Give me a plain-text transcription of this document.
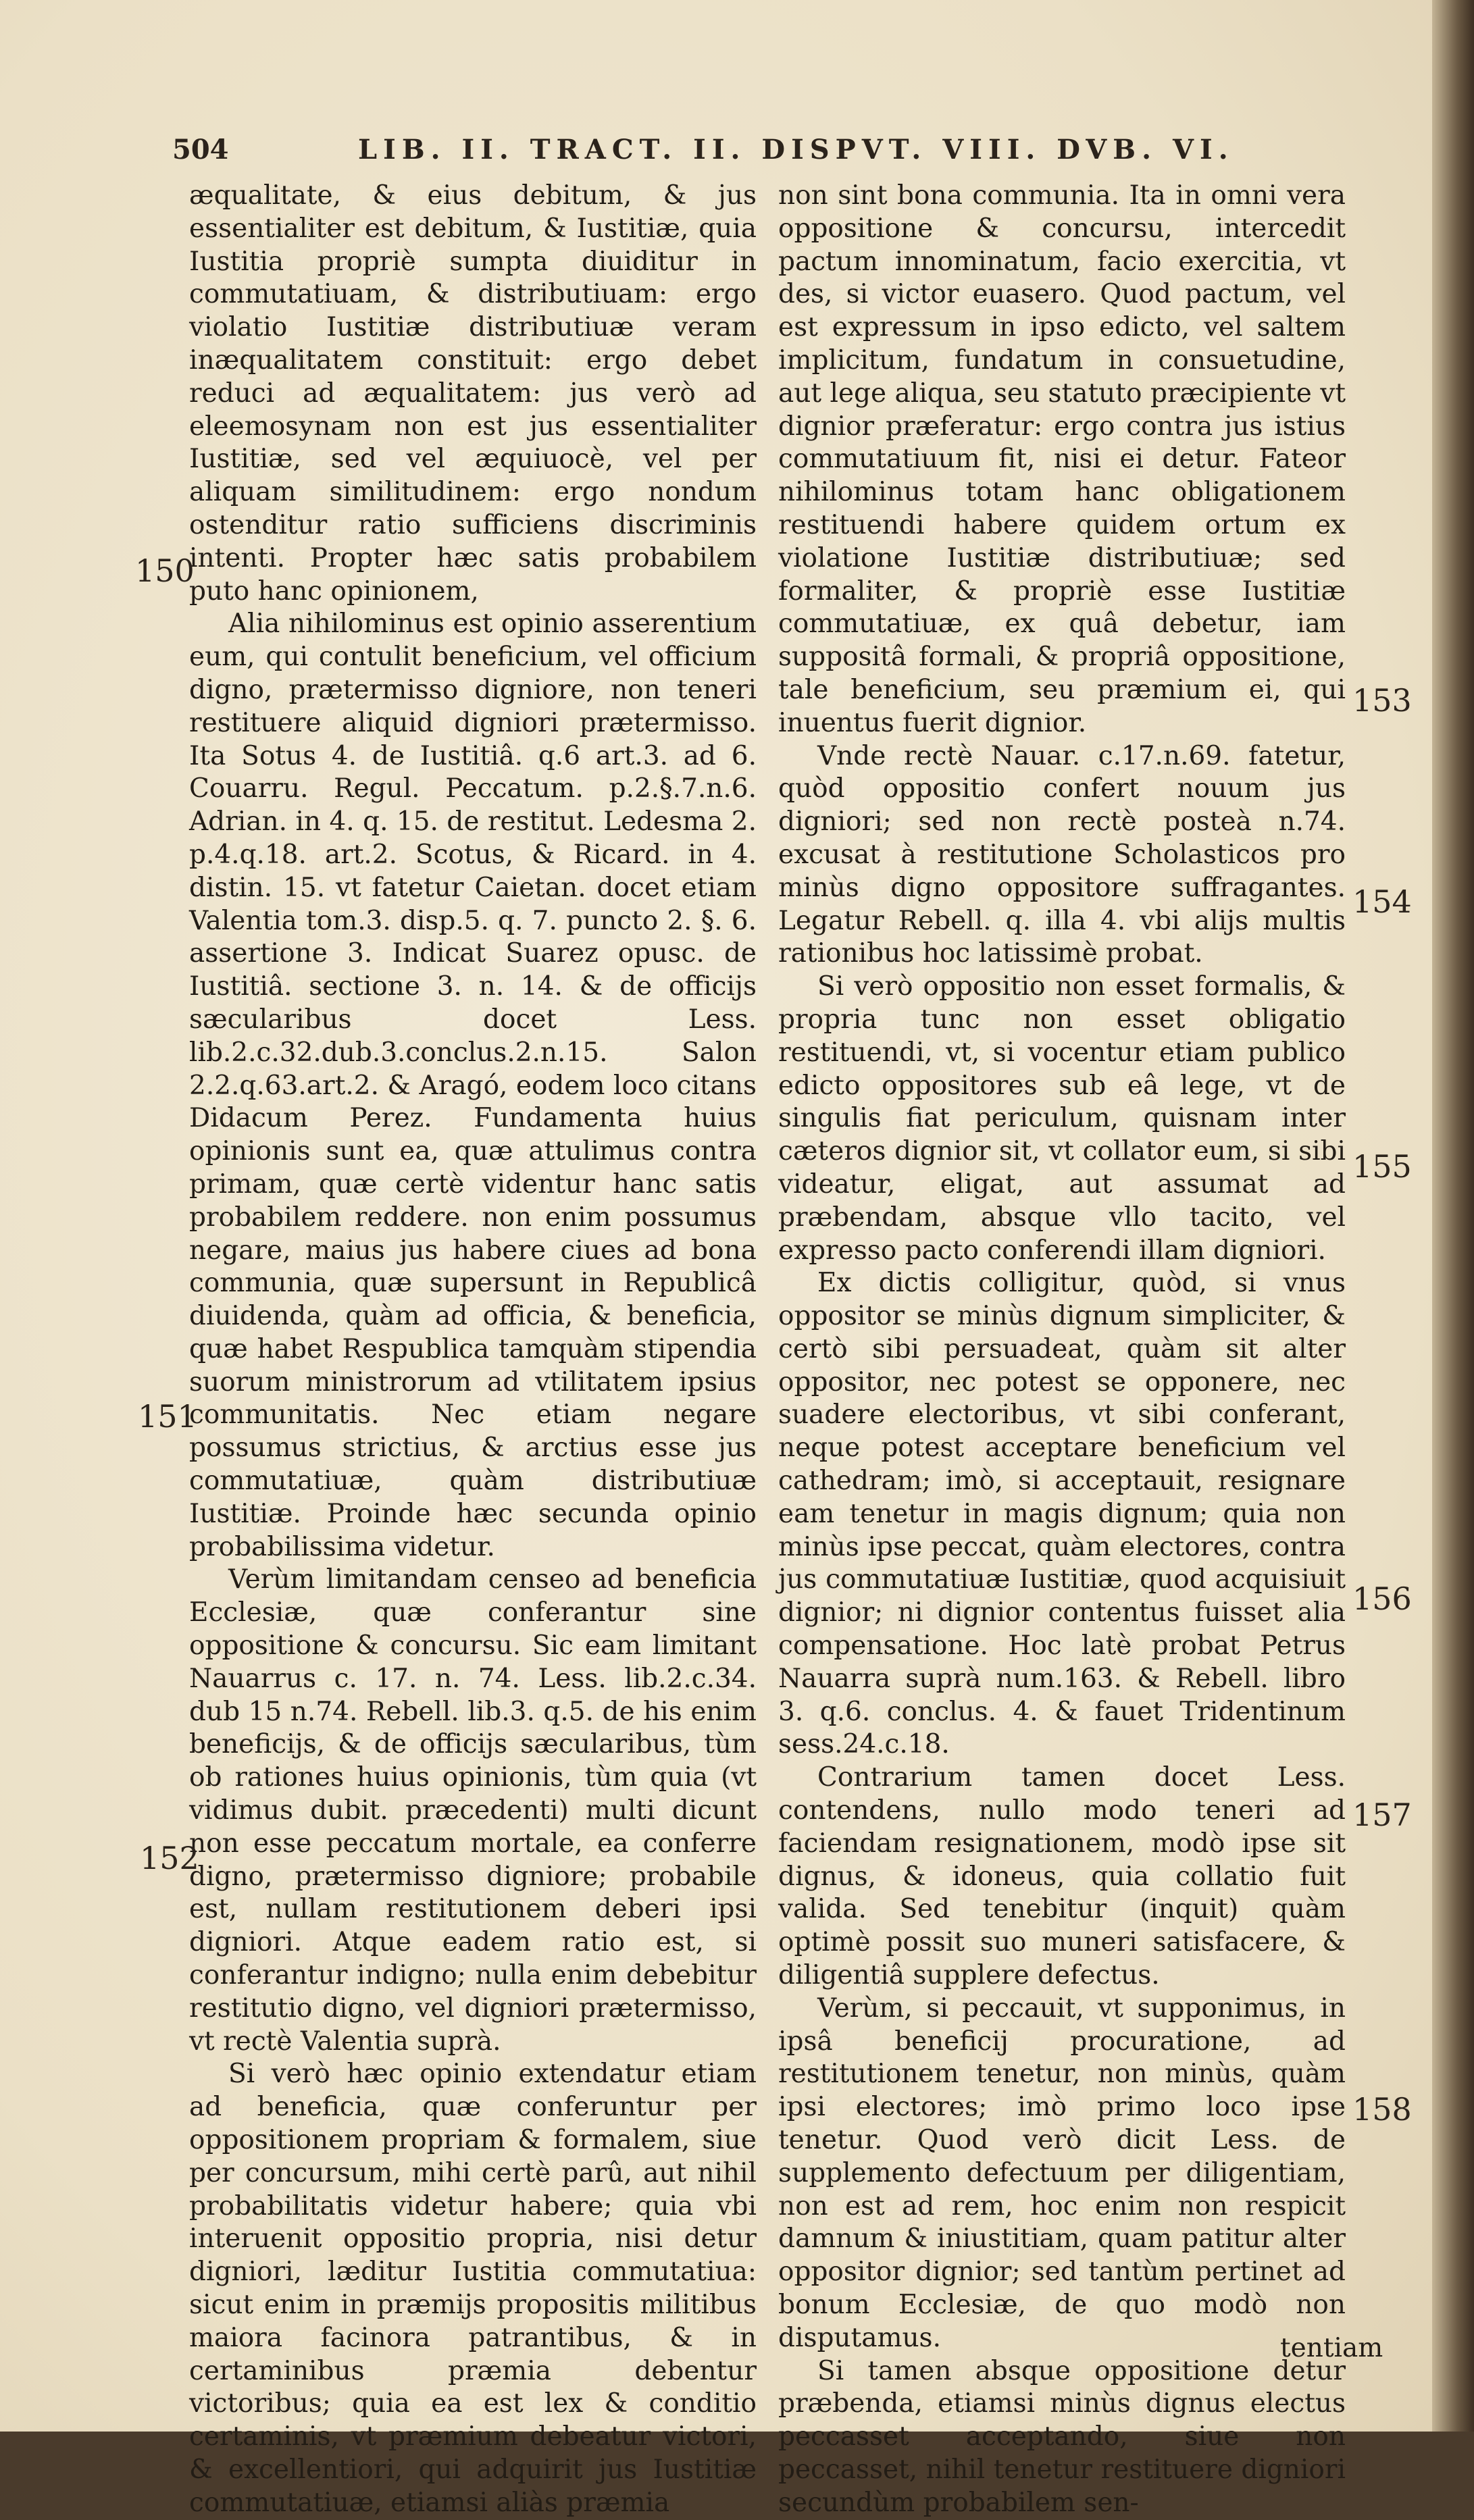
504	LIB. II. TRACT. II. DISPVT. VIII. DVB. VI.

æqualitate, & eius debitum, & jus essentialiter est debitum, & Iustitiæ, quia Iustitia propriè sumpta diuiditur in commutatiuam, & distributiuam: ergo violatio Iustitiæ distributiuæ veram inæqualitatem constituit: ergo debet reduci ad æqualitatem: jus verò ad eleemosynam non est jus essentialiter Iustitiæ, sed vel æquiuocè, vel per aliquam similitudinem: ergo nondum ostenditur ratio sufficiens discriminis intenti. Propter hæc satis probabilem puto hanc opinionem,

Alia nihilominus est opinio asserentium eum, qui contulit beneficium, vel officium digno, prætermisso digniore, non teneri restituere aliquid digniori prætermisso. Ita Sotus 4. de Iustitiâ. q.6 art.3. ad 6. Couarru. Regul. Peccatum. p.2.§.7.n.6. Adrian. in 4. q. 15. de restitut. Ledesma 2. p.4.q.18. art.2. Scotus, & Ricard. in 4. distin. 15. vt fatetur Caietan. docet etiam Valentia tom.3. disp.5. q. 7. puncto 2. §. 6. assertione 3. Indicat Suarez opusc. de Iustitiâ. sectione 3. n. 14. & de officijs sæcularibus docet Less. lib.2.c.32.dub.3.conclus.2.n.15. Salon 2.2.q.63.art.2. & Aragó, eodem loco citans Didacum Perez. Fundamenta huius opinionis sunt ea, quæ attulimus contra primam, quæ certè videntur hanc satis probabilem reddere. non enim possumus negare, maius jus habere ciues ad bona communia, quæ supersunt in Republicâ diuidenda, quàm ad officia, & beneficia, quæ habet Respublica tamquàm stipendia suorum ministrorum ad vtilitatem ipsius communitatis. Nec etiam negare possumus strictius, & arctius esse jus commutatiuæ, quàm distributiuæ Iustitiæ. Proinde hæc secunda opinio probabilissima videtur.

Verùm limitandam censeo ad beneficia Ecclesiæ, quæ conferantur sine oppositione & concursu. Sic eam limitant Nauarrus c. 17. n. 74. Less. lib.2.c.34. dub 15 n.74. Rebell. lib.3. q.5. de his enim beneficijs, & de officijs sæcularibus, tùm ob rationes huius opinionis, tùm quia (vt vidimus dubit. præcedenti) multi dicunt non esse peccatum mortale, ea conferre digno, prætermisso digniore; probabile est, nullam restitutionem deberi ipsi digniori. Atque eadem ratio est, si conferantur indigno; nulla enim debebitur restitutio digno, vel digniori prætermisso, vt rectè Valentia suprà.

Si verò hæc opinio extendatur etiam ad beneficia, quæ conferuntur per oppositionem propriam & formalem, siue per concursum, mihi certè parû, aut nihil probabilitatis videtur habere; quia vbi interuenit oppositio propria, nisi detur digniori, læditur Iustitia commutatiua: sicut enim in præmijs propositis militibus maiora facinora patrantibus, & in certaminibus præmia debentur victoribus; quia ea est lex & conditio certaminis, vt præmium debeatur victori, & excellentiori, qui adquirit jus Iustitiæ commutatiuæ, etiamsi aliàs præmia

non sint bona communia. Ita in omni vera oppositione & concursu, intercedit pactum innominatum, facio exercitia, vt des, si victor euasero. Quod pactum, vel est expressum in ipso edicto, vel saltem implicitum, fundatum in consuetudine, aut lege aliqua, seu statuto præcipiente vt dignior præferatur: ergo contra jus istius commutatiuum fit, nisi ei detur. Fateor nihilominus totam hanc obligationem restituendi habere quidem ortum ex violatione Iustitiæ distributiuæ; sed formaliter, & propriè esse Iustitiæ commutatiuæ, ex quâ debetur, iam suppositâ formali, & propriâ oppositione, tale beneficium, seu præmium ei, qui inuentus fuerit dignior.

Vnde rectè Nauar. c.17.n.69. fatetur, quòd oppositio confert nouum jus digniori; sed non rectè posteà n.74. excusat à restitutione Scholasticos pro minùs digno oppositore suffragantes. Legatur Rebell. q. illa 4. vbi alijs multis rationibus hoc latissimè probat.

Si verò oppositio non esset formalis, & propria tunc non esset obligatio restituendi, vt, si vocentur etiam publico edicto oppositores sub eâ lege, vt de singulis fiat periculum, quisnam inter cæteros dignior sit, vt collator eum, si sibi videatur, eligat, aut assumat ad præbendam, absque vllo tacito, vel expresso pacto conferendi illam digniori.

Ex dictis colligitur, quòd, si vnus oppositor se minùs dignum simpliciter, & certò sibi persuadeat, quàm sit alter oppositor, nec potest se opponere, nec suadere electoribus, vt sibi conferant, neque potest acceptare beneficium vel cathedram; imò, si acceptauit, resignare eam tenetur in magis dignum; quia non minùs ipse peccat, quàm electores, contra jus commutatiuæ Iustitiæ, quod acquisiuit dignior; ni dignior contentus fuisset alia compensatione. Hoc latè probat Petrus Nauarra suprà num.163. & Rebell. libro 3. q.6. conclus. 4. & fauet Tridentinum sess.24.c.18.

Contrarium tamen docet Less. contendens, nullo modo teneri ad faciendam resignationem, modò ipse sit dignus, & idoneus, quia collatio fuit valida. Sed tenebitur (inquit) quàm optimè possit suo muneri satisfacere, & diligentiâ supplere defectus.

Verùm, si peccauit, vt supponimus, in ipsâ beneficij procuratione, ad restitutionem tenetur, non minùs, quàm ipsi electores; imò primo loco ipse tenetur. Quod verò dicit Less. de supplemento defectuum per diligentiam, non est ad rem, hoc enim non respicit damnum & iniustitiam, quam patitur alter oppositor dignior; sed tantùm pertinet ad bonum Ecclesiæ, de quo modò non disputamus.

Si tamen absque oppositione detur præbenda, etiamsi minùs dignus electus peccasset acceptando, siue non peccasset, nihil tenetur restituere digniori secundùm probabilem sen-

150
151
152
153
154
155
156
157
158
tentiam
